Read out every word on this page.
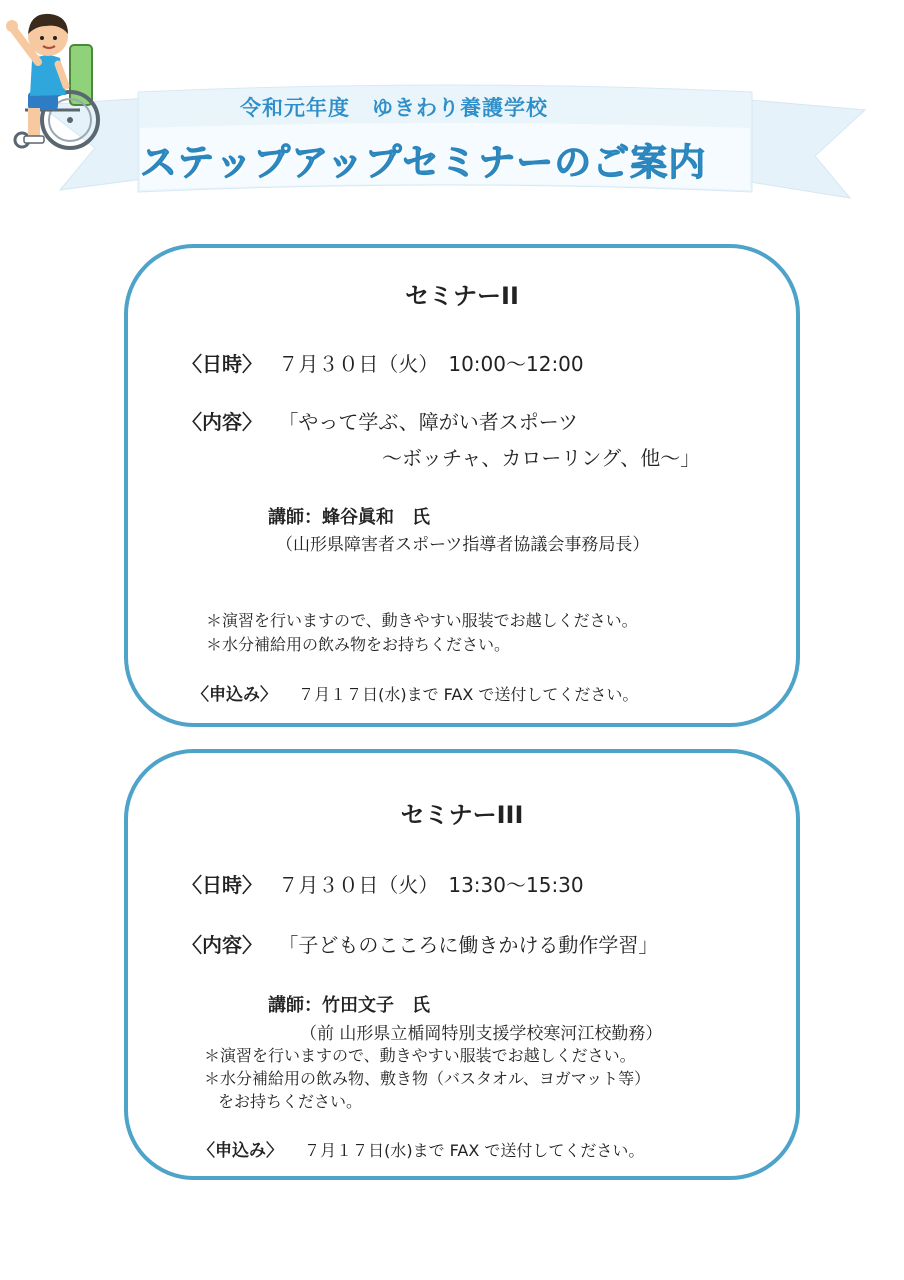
令和元年度　ゆきわり養護学校
ステップアップセミナーのご案内
セミナーII
〈日時〉 ７月３０日（火）　10:00～12:00
〈内容〉 「やって学ぶ、障がい者スポーツ
～ボッチャ、カローリング、他～」
講師：蜂谷眞和　氏
（山形県障害者スポーツ指導者協議会事務局長）
＊演習を行いますので、動きやすい服装でお越しください。
＊水分補給用の飲み物をお持ちください。
〈申込み〉 ７月１７日(水)まで FAX で送付してください。
セミナーIII
〈日時〉 ７月３０日（火）　13:30～15:30
〈内容〉 「子どものこころに働きかける動作学習」
講師：竹田文子　氏
（前 山形県立楯岡特別支援学校寒河江校勤務）
＊演習を行いますので、動きやすい服装でお越しください。
＊水分補給用の飲み物、敷き物（バスタオル、ヨガマット等）
をお持ちください。
〈申込み〉 ７月１７日(水)まで FAX で送付してください。
